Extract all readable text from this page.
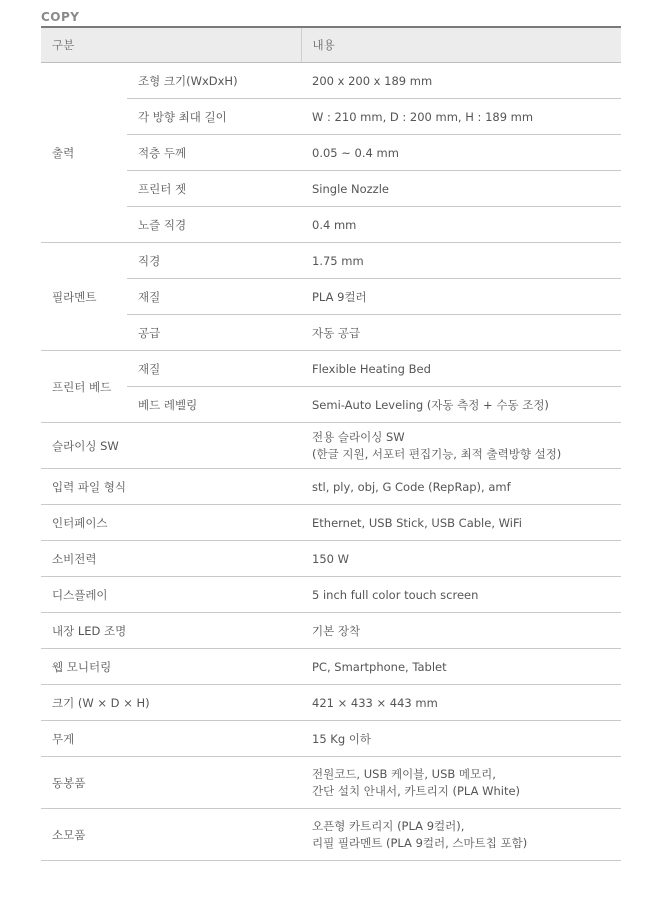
COPY
구분		내용
출력	조형 크기(WxDxH)	200 x 200 x 189 mm
	각 방향 최대 길이	W : 210 mm, D : 200 mm, H : 189 mm
	적층 두께	0.05 ~ 0.4 mm
	프린터 젯	Single Nozzle
	노즐 직경	0.4 mm
필라멘트	직경	1.75 mm
	재질	PLA 9컬러
	공급	자동 공급
프린터 베드	재질	Flexible Heating Bed
	베드 레벨링	Semi-Auto Leveling (자동 측정 + 수동 조정)
슬라이싱 SW		전용 슬라이싱 SW
(한글 지원, 서포터 편집기능, 최적 출력방향 설정)

입력 파일 형식		stl, ply, obj, G Code (RepRap), amf
인터페이스		Ethernet, USB Stick, USB Cable, WiFi
소비전력		150 W
디스플레이		5 inch full color touch screen
내장 LED 조명		기본 장착
웹 모니터링		PC, Smartphone, Tablet
크기 (W × D × H)		421 × 433 × 443 mm
무게		15 Kg 이하
동봉품		전원코드, USB 케이블, USB 메모리,
간단 설치 안내서, 카트리지 (PLA White)

소모품		오픈형 카트리지 (PLA 9컬러),
리필 필라멘트 (PLA 9컬러, 스마트칩 포함)
